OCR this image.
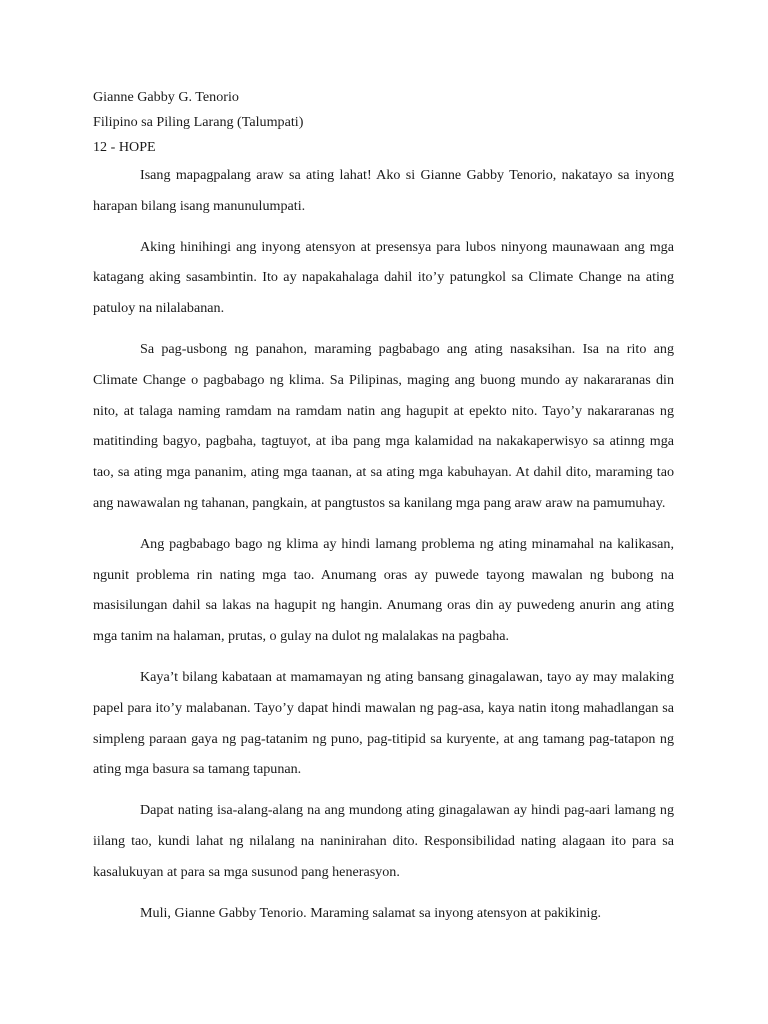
Gianne Gabby G. Tenorio
Filipino sa Piling Larang (Talumpati)
12 - HOPE

Isang mapagpalang araw sa ating lahat! Ako si Gianne Gabby Tenorio, nakatayo sa inyong harapan bilang isang manunulumpati.

Aking hinihingi ang inyong atensyon at presensya para lubos ninyong maunawaan ang mga katagang aking sasambintin. Ito ay napakahalaga dahil ito’y patungkol sa Climate Change na ating patuloy na nilalabanan.

Sa pag-usbong ng panahon, maraming pagbabago ang ating nasaksihan. Isa na rito ang Climate Change o pagbabago ng klima. Sa Pilipinas, maging ang buong mundo ay nakararanas din nito, at talaga naming ramdam na ramdam natin ang hagupit at epekto nito. Tayo’y nakararanas ng matitinding bagyo, pagbaha, tagtuyot, at iba pang mga kalamidad na nakakaperwisyo sa atinng mga tao, sa ating mga pananim, ating mga taanan, at sa ating mga kabuhayan. At dahil dito, maraming tao ang nawawalan ng tahanan, pangkain, at pangtustos sa kanilang mga pang araw araw na pamumuhay.

Ang pagbabago bago ng klima ay hindi lamang problema ng ating minamahal na kalikasan, ngunit problema rin nating mga tao. Anumang oras ay puwede tayong mawalan ng bubong na masisilungan dahil sa lakas na hagupit ng hangin. Anumang oras din ay puwedeng anurin ang ating mga tanim na halaman, prutas, o gulay na dulot ng malalakas na pagbaha.

Kaya’t bilang kabataan at mamamayan ng ating bansang ginagalawan, tayo ay may malaking papel para ito’y malabanan. Tayo’y dapat hindi mawalan ng pag-asa, kaya natin itong mahadlangan sa simpleng paraan gaya ng pag-tatanim ng puno, pag-titipid sa kuryente, at ang tamang pag-tatapon ng ating mga basura sa tamang tapunan.

Dapat nating isa-alang-alang na ang mundong ating ginagalawan ay hindi pag-aari lamang ng iilang tao, kundi lahat ng nilalang na naninirahan dito. Responsibilidad nating alagaan ito para sa kasalukuyan at para sa mga susunod pang henerasyon.

Muli, Gianne Gabby Tenorio. Maraming salamat sa inyong atensyon at pakikinig.
